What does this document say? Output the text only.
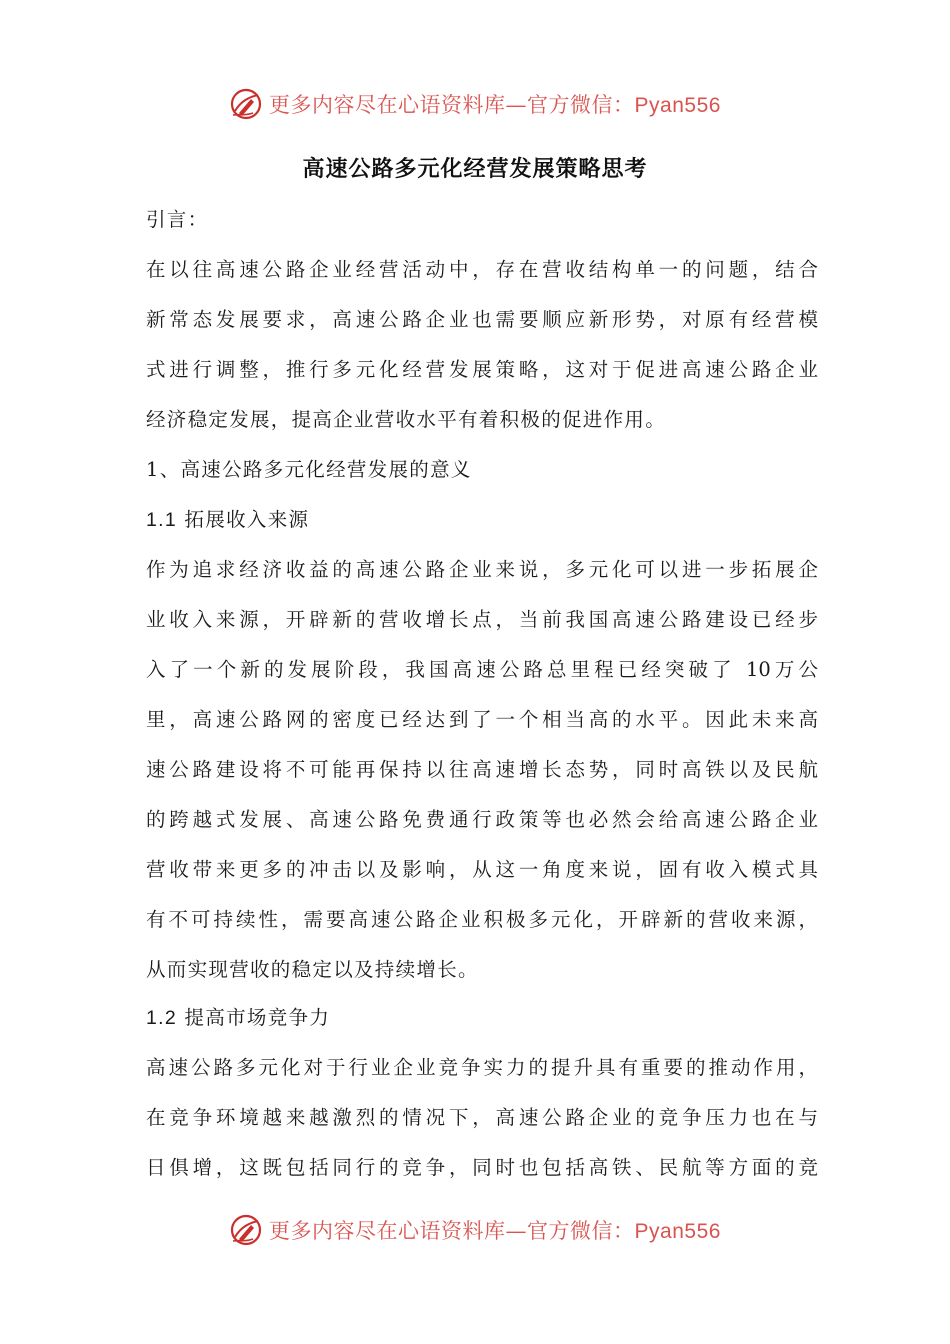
更多内容尽在心语资料库—官方微信：Pyan556
高速公路多元化经营发展策略思考
引言：
在以往高速公路企业经营活动中，存在营收结构单一的问题，结合
新常态发展要求，高速公路企业也需要顺应新形势，对原有经营模
式进行调整，推行多元化经营发展策略，这对于促进高速公路企业
经济稳定发展，提高企业营收水平有着积极的促进作用。
1、高速公路多元化经营发展的意义
1.1 拓展收入来源
作为追求经济收益的高速公路企业来说，多元化可以进一步拓展企
业收入来源，开辟新的营收增长点，当前我国高速公路建设已经步
入了一个新的发展阶段，我国高速公路总里程已经突破了 10万公
里，高速公路网的密度已经达到了一个相当高的水平。因此未来高
速公路建设将不可能再保持以往高速增长态势，同时高铁以及民航
的跨越式发展、高速公路免费通行政策等也必然会给高速公路企业
营收带来更多的冲击以及影响，从这一角度来说，固有收入模式具
有不可持续性，需要高速公路企业积极多元化，开辟新的营收来源，
从而实现营收的稳定以及持续增长。
1.2 提高市场竞争力
高速公路多元化对于行业企业竞争实力的提升具有重要的推动作用，
在竞争环境越来越激烈的情况下，高速公路企业的竞争压力也在与
日俱增，这既包括同行的竞争，同时也包括高铁、民航等方面的竞
更多内容尽在心语资料库—官方微信：Pyan556
